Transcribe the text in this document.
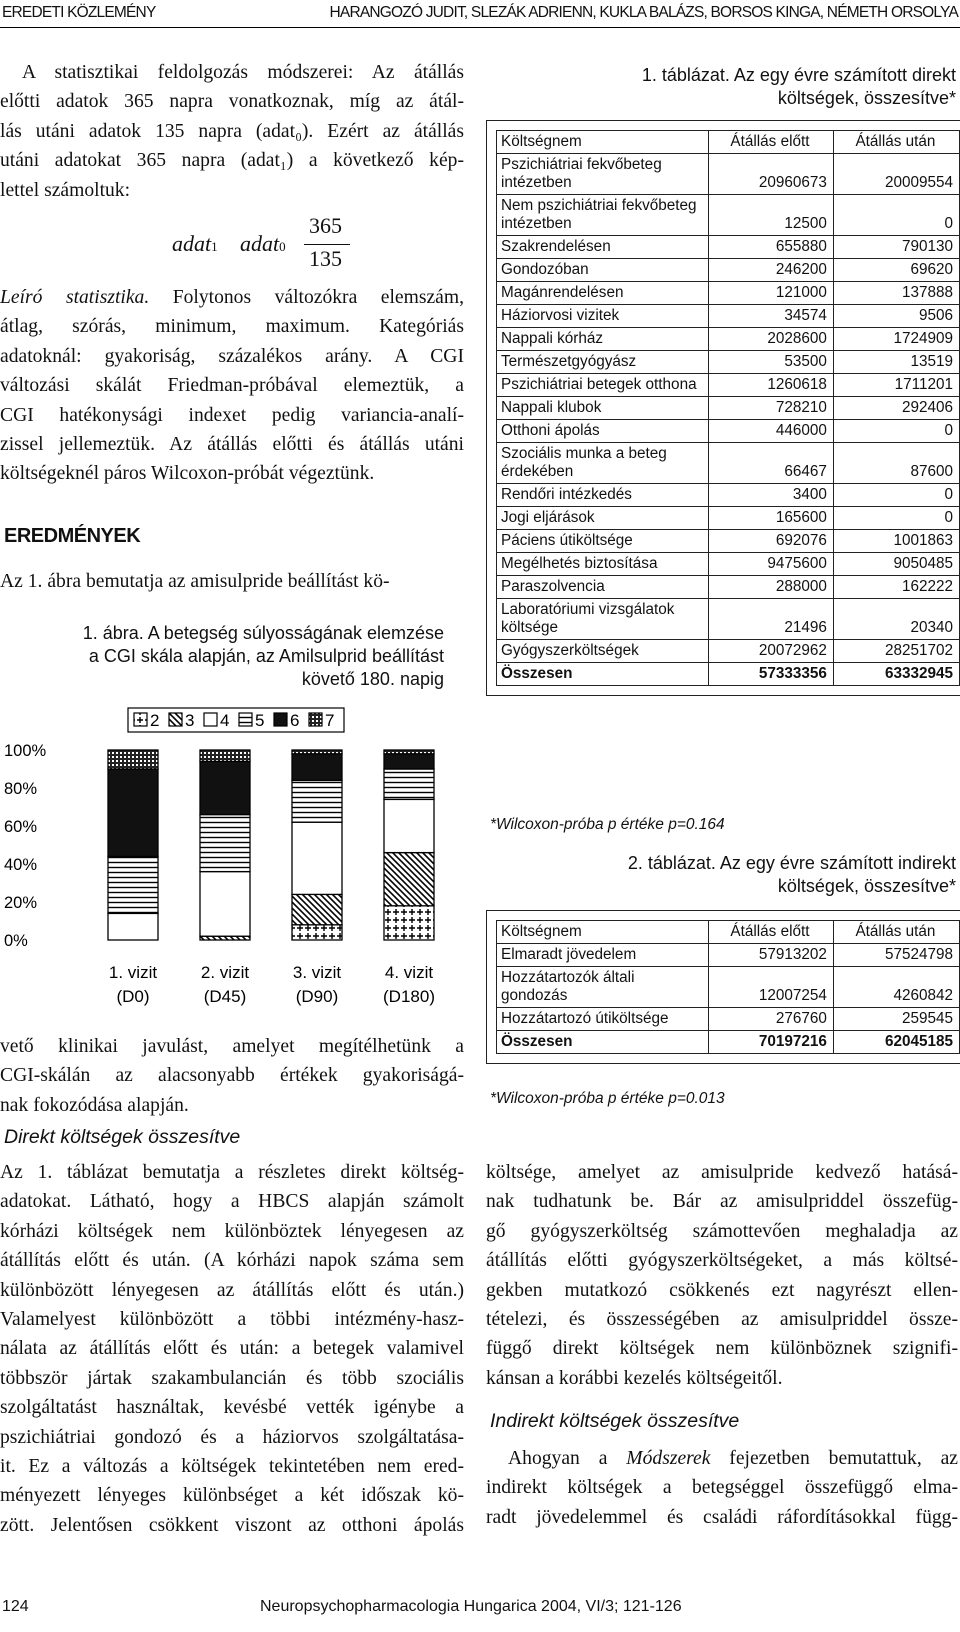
EREDETI KÖZLEMÉNY	HARANGOZÓ JUDIT, SLEZÁK ADRIENN, KUKLA BALÁZS, BORSOS KINGA, NÉMETH ORSOLYA
A statisztikai feldolgozás módszerei: Az átállás
előtti adatok 365 napra vonatkoznak, míg az átál-
lás utáni adatok 135 napra (adat₀). Ezért az átállás
utáni adatokat 365 napra (adat₁) a következő kép-
lettel számoltuk:
adat1 adat0
365
135
Leíró statisztika. Folytonos változókra elemszám,
átlag, szórás, minimum, maximum. Kategóriás
adatoknál: gyakoriság, százalékos arány. A CGI
változási skálát Friedman-próbával elemeztük, a
CGI hatékonysági indexet pedig variancia-analí-
zissel jellemeztük. Az átállás előtti és átállás utáni
költségeknél páros Wilcoxon-próbát végeztünk.
EREDMÉNYEK
Az 1. ábra bemutatja az amisulpride beállítást kö-
1. ábra. A betegség súlyosságának elemzése
a CGI skála alapján, az Amilsulprid beállítást
követő 180. napig
2 3 4 5 6 7
0%
20%
40%
60%
80%
100%
1. vizit
(D0)
2. vizit
(D45)
3. vizit
(D90)
4. vizit
(D180)
vető klinikai javulást, amelyet megítélhetünk a
CGI-skálán az alacsonyabb értékek gyakoriságá-
nak fokozódása alapján.
Direkt költségek összesítve
Az 1. táblázat bemutatja a részletes direkt költség-
adatokat. Látható, hogy a HBCS alapján számolt
kórházi költségek nem különböztek lényegesen az
átállítás előtt és után. (A kórházi napok száma sem
különbözött lényegesen az átállítás előtt és után.)
Valamelyest különbözött a többi intézmény-hasz-
nálata az átállítás előtt és után: a betegek valamivel
többször jártak szakambulancián és több szociális
szolgáltatást használtak, kevésbé vették igénybe a
pszichiátriai gondozó és a háziorvos szolgáltatása-
it. Ez a változás a költségek tekintetében nem ered-
ményezett lényeges különbséget a két időszak kö-
zött. Jelentősen csökkent viszont az otthoni ápolás
1. táblázat. Az egy évre számított direkt
költségek, összesítve*
Költségnem	Átállás előtt	Átállás után
Pszichiátriai fekvőbeteg intézetben	20960673	20009554
Nem pszichiátriai fekvőbeteg intézetben	12500	0
Szakrendelésen	655880	790130
Gondozóban	246200	69620
Magánrendelésen	121000	137888
Háziorvosi vizitek	34574	9506
Nappali kórház	2028600	1724909
Természetgyógyász	53500	13519
Pszichiátriai betegek otthona	1260618	1711201
Nappali klubok	728210	292406
Otthoni ápolás	446000	0
Szociális munka a beteg érdekében	66467	87600
Rendőri intézkedés	3400	0
Jogi eljárások	165600	0
Páciens útiköltsége	692076	1001863
Megélhetés biztosítása	9475600	9050485
Paraszolvencia	288000	162222
Laboratóriumi vizsgálatok költsége	21496	20340
Gyógyszerköltségek	20072962	28251702
Összesen	57333356	63332945
*Wilcoxon-próba p értéke p=0.164
2. táblázat. Az egy évre számított indirekt
költségek, összesítve*
Költségnem	Átállás előtt	Átállás után
Elmaradt jövedelem	57913202	57524798
Hozzátartozók általi gondozás	12007254	4260842
Hozzátartozó útiköltsége	276760	259545
Összesen	70197216	62045185
*Wilcoxon-próba p értéke p=0.013
költsége, amelyet az amisulpride kedvező hatásá-
nak tudhatunk be. Bár az amisulpriddel összefüg-
gő gyógyszerköltség számottevően meghaladja az
átállítás előtti gyógyszerköltségeket, a más költsé-
gekben mutatkozó csökkenés ezt nagyrészt ellen-
tételezi, és összességében az amisulpriddel össze-
függő direkt költségek nem különböznek szignifi-
kánsan a korábbi kezelés költségeitől.
Indirekt költségek összesítve
Ahogyan a Módszerek fejezetben bemutattuk, az
indirekt költségek a betegséggel összefüggő elma-
radt jövedelemmel és családi ráfordításokkal függ-
124	Neuropsychopharmacologia Hungarica 2004, VI/3; 121-126
